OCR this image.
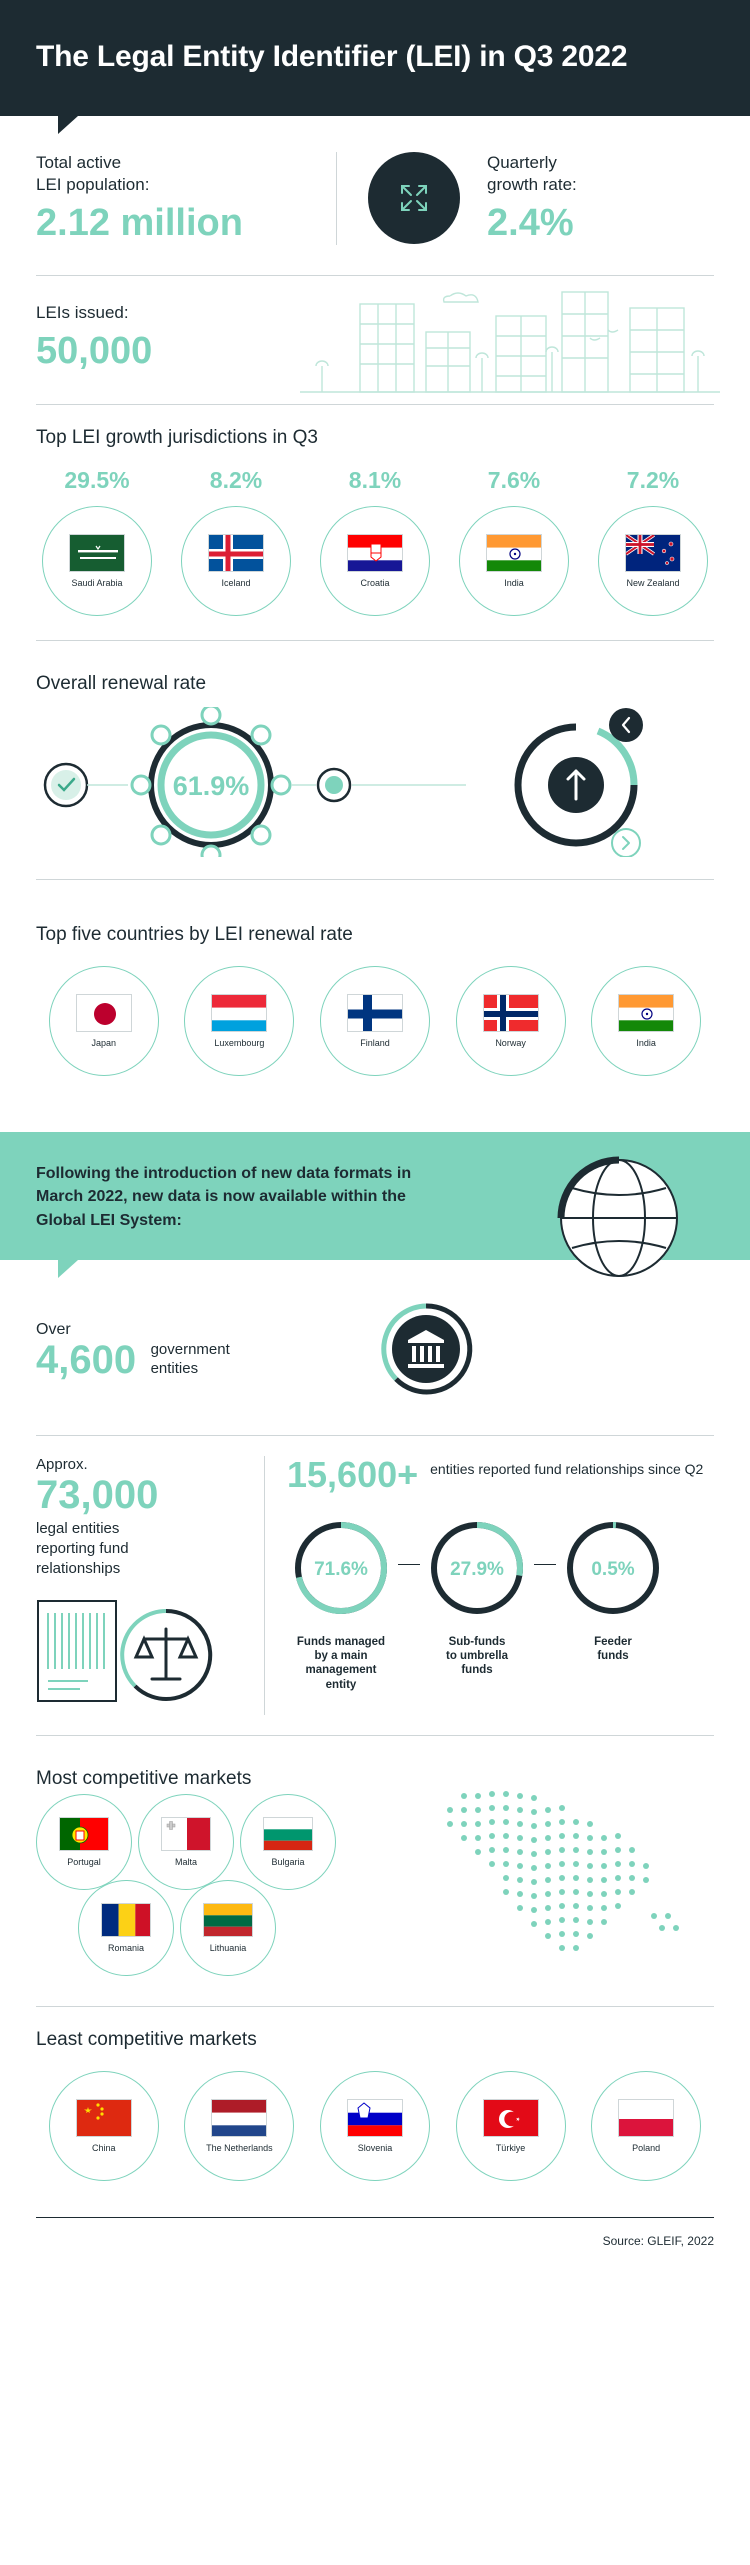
The Legal Entity Identifier (LEI) in Q3 2022
Total active
LEI population:
2.12 million
Quarterly
growth rate:
2.4%
LEIs issued:
50,000
Top LEI growth jurisdictions in Q3
29.5%
Saudi Arabia
8.2%
Iceland
8.1%
Croatia
7.6%
India
7.2%
New Zealand
Overall renewal rate
61.9%
Top five countries by LEI renewal rate
Japan	Luxembourg	Finland	Norway	India
Following the introduction of new data formats in March 2022, new data is now available within the Global LEI System:
Over
4,600 government
entities
Approx.
73,000
legal entities
reporting fund
relationships
15,600+ entities reported fund relationships since Q2
71.6%
Funds managed
by a main
management
entity
27.9%
Sub-funds
to umbrella
funds
0.5%
Feeder
funds
Most competitive markets
Portugal	Malta	Bulgaria
Romania	Lithuania
Least competitive markets
China	The Netherlands	Slovenia	Türkiye	Poland
Source: GLEIF, 2022
